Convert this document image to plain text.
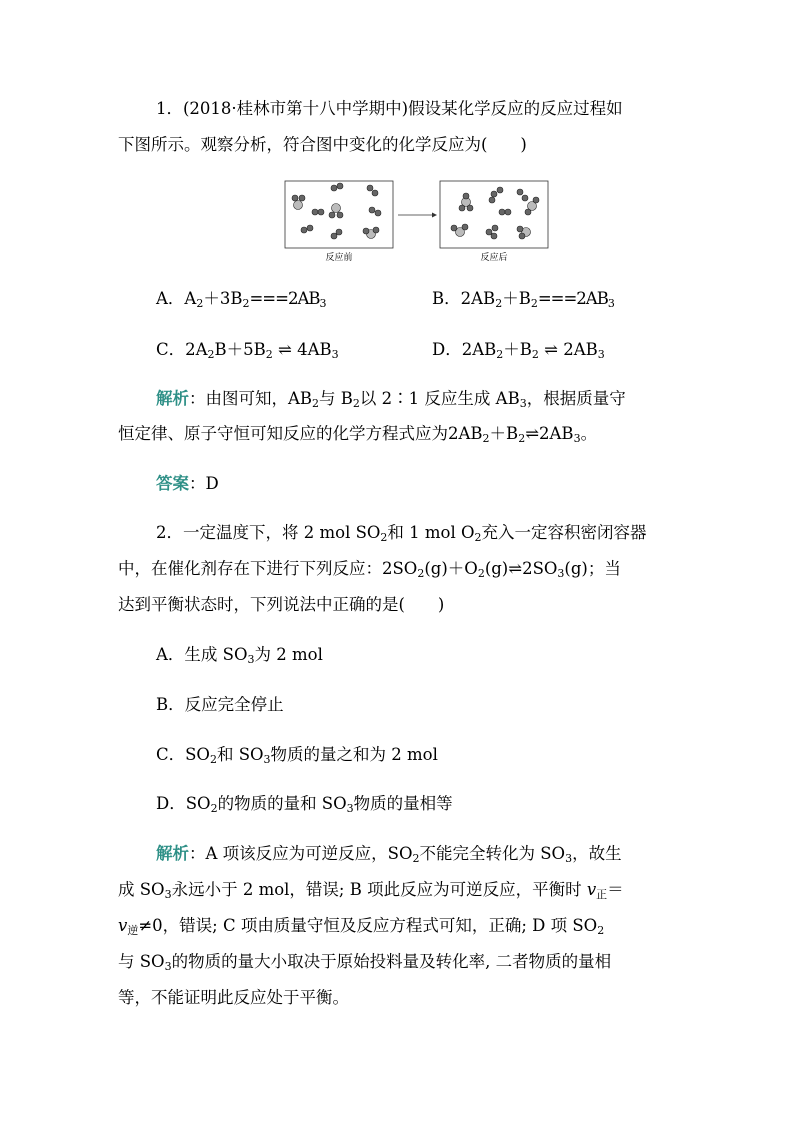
1．(2018·桂林市第十八中学期中)假设某化学反应的反应过程如
下图所示。观察分析，符合图中变化的化学反应为(　　)
反应前	反应后
A．$A_2+3B_2===2AB_3$	B．$2AB_2+B_2===2AB_3$
C．$2A_2B+5B_2$ ⇌ $4AB_3$	D．$2AB_2+B_2$ ⇌ $2AB_3$
解析：由图可知，$AB_2$与 $B_2$以 2∶1 反应生成 $AB_3$，根据质量守
恒定律、原子守恒可知反应的化学方程式应为$2AB_2+B_2\rightleftharpoons 2AB_3$。
答案：D
2．一定温度下，将 2 mol $SO_2$和 1 mol $O_2$充入一定容积密闭容器
中，在催化剂存在下进行下列反应：$2SO_2(g)+O_2(g)\rightleftharpoons 2SO_3(g)$；当
达到平衡状态时，下列说法中正确的是(　　)
A．生成 $SO_3$为 2 mol
B．反应完全停止
C．$SO_2$和 $SO_3$物质的量之和为 2 mol
D．$SO_2$的物质的量和 $SO_3$物质的量相等
解析：A 项该反应为可逆反应，$SO_2$不能完全转化为 $SO_3$，故生
成 $SO_3$永远小于 2 mol，错误; B 项此反应为可逆反应，平衡时 $v_正=$
$v_逆\ne 0$，错误; C 项由质量守恒及反应方程式可知，正确; D 项 $SO_2$
与 $SO_3$的物质的量大小取决于原始投料量及转化率, 二者物质的量相
等，不能证明此反应处于平衡。
